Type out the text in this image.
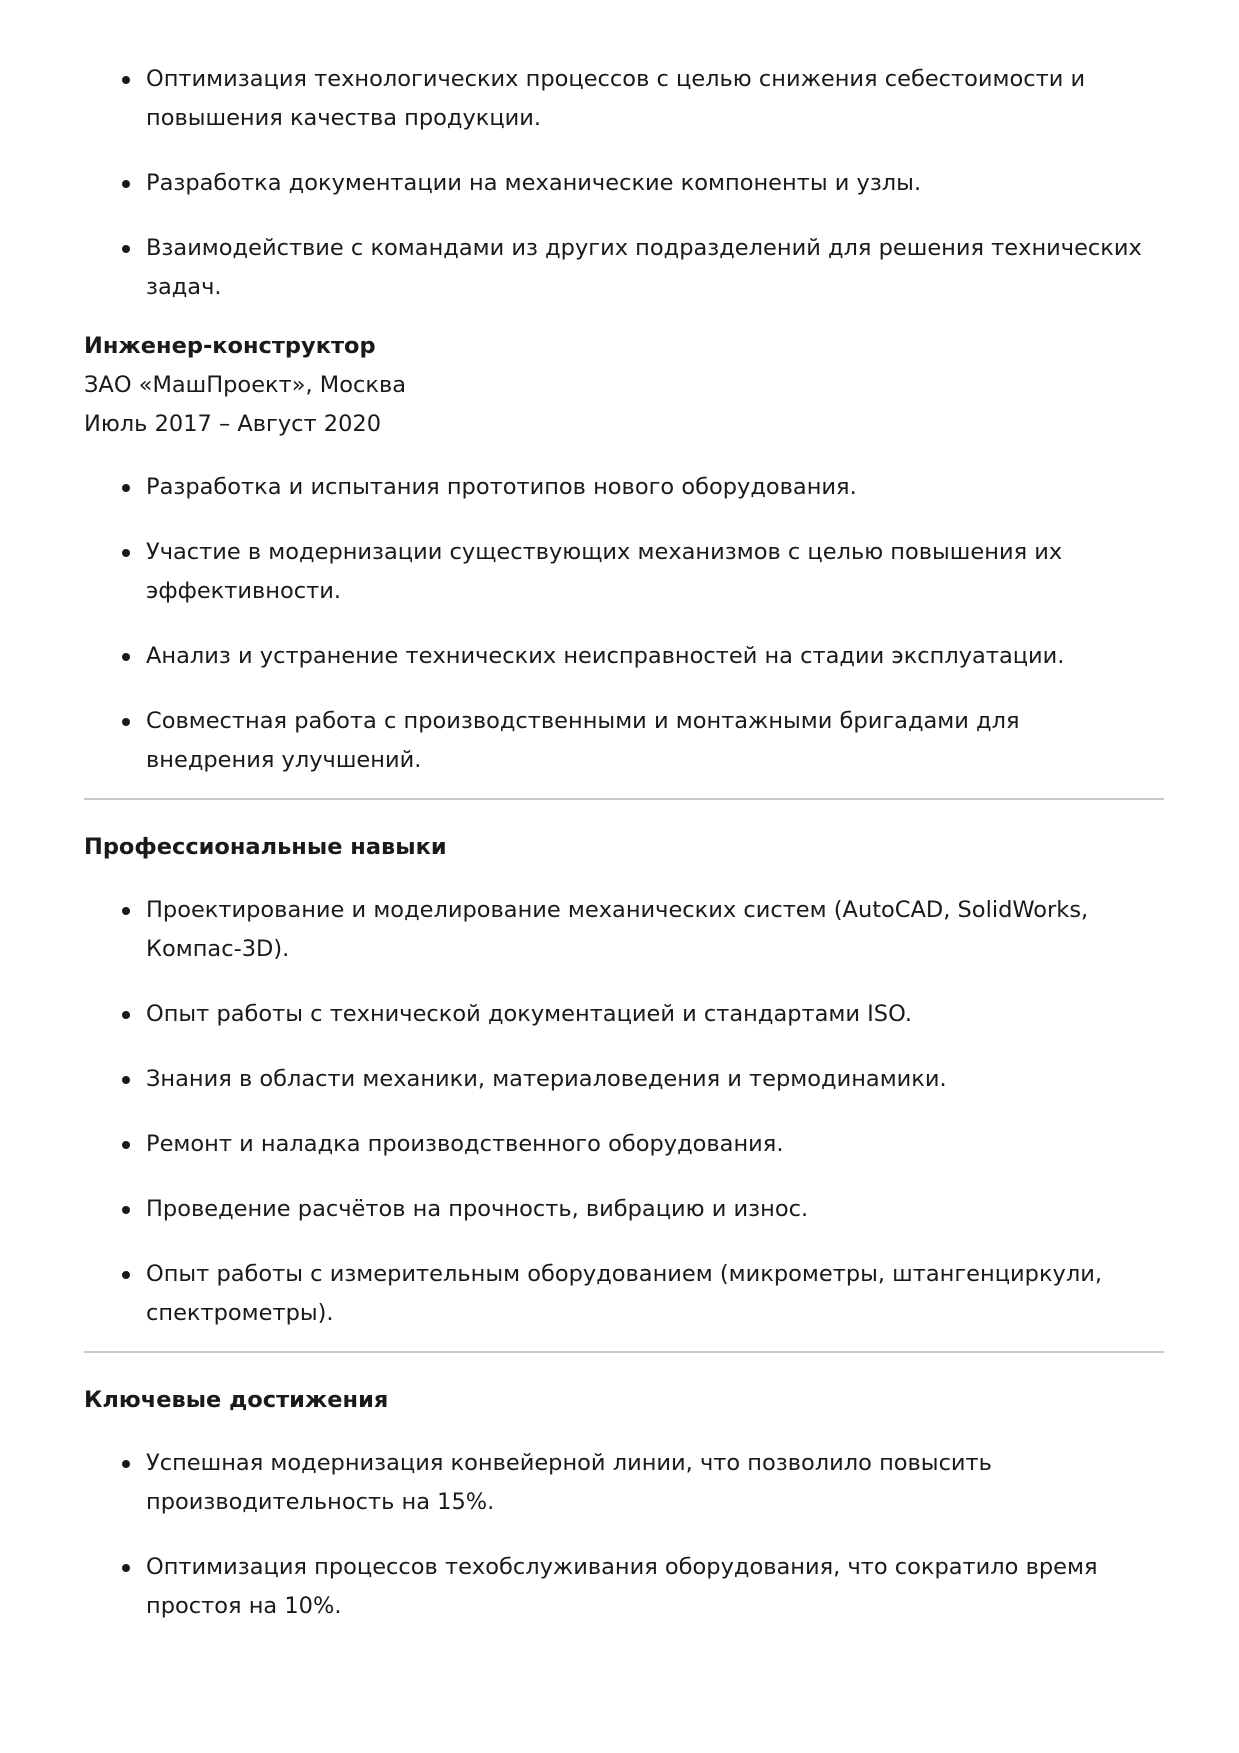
Оптимизация технологических процессов с целью снижения себестоимости и повышения качества продукции.
Разработка документации на механические компоненты и узлы.
Взаимодействие с командами из других подразделений для решения технических задач.

Инженер-конструктор

ЗАО «МашПроект», Москва

Июль 2017 – Август 2020

Разработка и испытания прототипов нового оборудования.
Участие в модернизации существующих механизмов с целью повышения их эффективности.
Анализ и устранение технических неисправностей на стадии эксплуатации.
Совместная работа с производственными и монтажными бригадами для внедрения улучшений.

Профессиональные навыки

Проектирование и моделирование механических систем (AutoCAD, SolidWorks, Компас-3D).
Опыт работы с технической документацией и стандартами ISO.
Знания в области механики, материаловедения и термодинамики.
Ремонт и наладка производственного оборудования.
Проведение расчётов на прочность, вибрацию и износ.
Опыт работы с измерительным оборудованием (микрометры, штангенциркули, спектрометры).

Ключевые достижения

Успешная модернизация конвейерной линии, что позволило повысить производительность на 15%.
Оптимизация процессов техобслуживания оборудования, что сократило время простоя на 10%.
